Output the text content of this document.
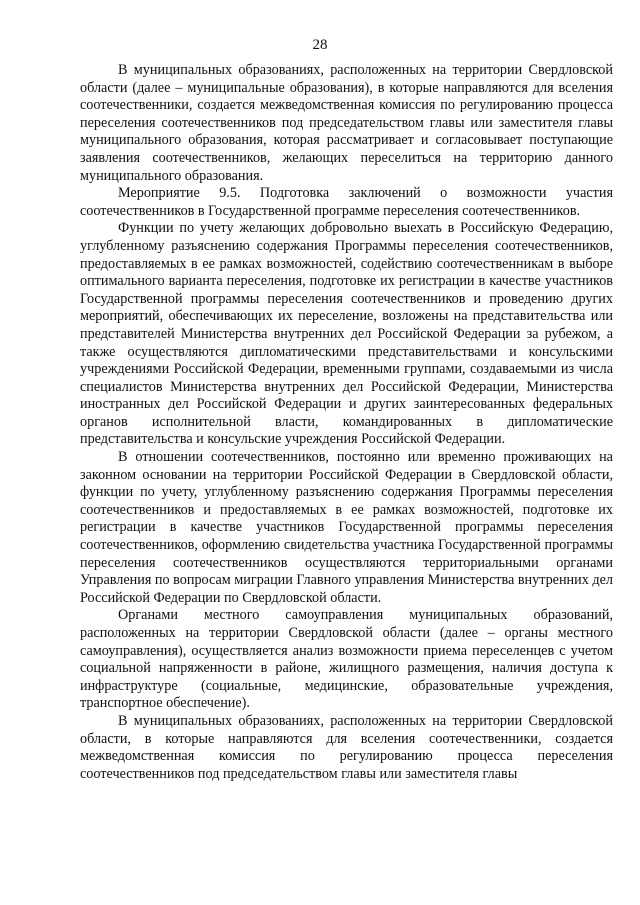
28

В муниципальных образованиях, расположенных на территории Свердловской области (далее – муниципальные образования), в которые направляются для вселения соотечественники, создается межведомственная комиссия по регулированию процесса переселения соотечественников под председательством главы или заместителя главы муниципального образования, которая рассматривает и согласовывает поступающие заявления соотечественников, желающих переселиться на территорию данного муниципального образования.

Мероприятие 9.5. Подготовка заключений о возможности участия соотечественников в Государственной программе переселения соотечественников.

Функции по учету желающих добровольно выехать в Российскую Федерацию, углубленному разъяснению содержания Программы переселения соотечественников, предоставляемых в ее рамках возможностей, содействию соотечественникам в выборе оптимального варианта переселения, подготовке их регистрации в качестве участников Государственной программы переселения соотечественников и проведению других мероприятий, обеспечивающих их переселение, возложены на представительства или представителей Министерства внутренних дел Российской Федерации за рубежом, а также осуществляются дипломатическими представительствами и консульскими учреждениями Российской Федерации, временными группами, создаваемыми из числа специалистов Министерства внутренних дел Российской Федерации, Министерства иностранных дел Российской Федерации и других заинтересованных федеральных органов исполнительной власти, командированных в дипломатические представительства и консульские учреждения Российской Федерации.

В отношении соотечественников, постоянно или временно проживающих на законном основании на территории Российской Федерации в Свердловской области, функции по учету, углубленному разъяснению содержания Программы переселения соотечественников и предоставляемых в ее рамках возможностей, подготовке их регистрации в качестве участников Государственной программы переселения соотечественников, оформлению свидетельства участника Государственной программы переселения соотечественников осуществляются территориальными органами Управления по вопросам миграции Главного управления Министерства внутренних дел Российской Федерации по Свердловской области.

Органами местного самоуправления муниципальных образований, расположенных на территории Свердловской области (далее – органы местного самоуправления), осуществляется анализ возможности приема переселенцев с учетом социальной напряженности в районе, жилищного размещения, наличия доступа к инфраструктуре (социальные, медицинские, образовательные учреждения, транспортное обеспечение).

В муниципальных образованиях, расположенных на территории Свердловской области, в которые направляются для вселения соотечественники, создается межведомственная комиссия по регулированию процесса переселения соотечественников под председательством главы или заместителя главы
